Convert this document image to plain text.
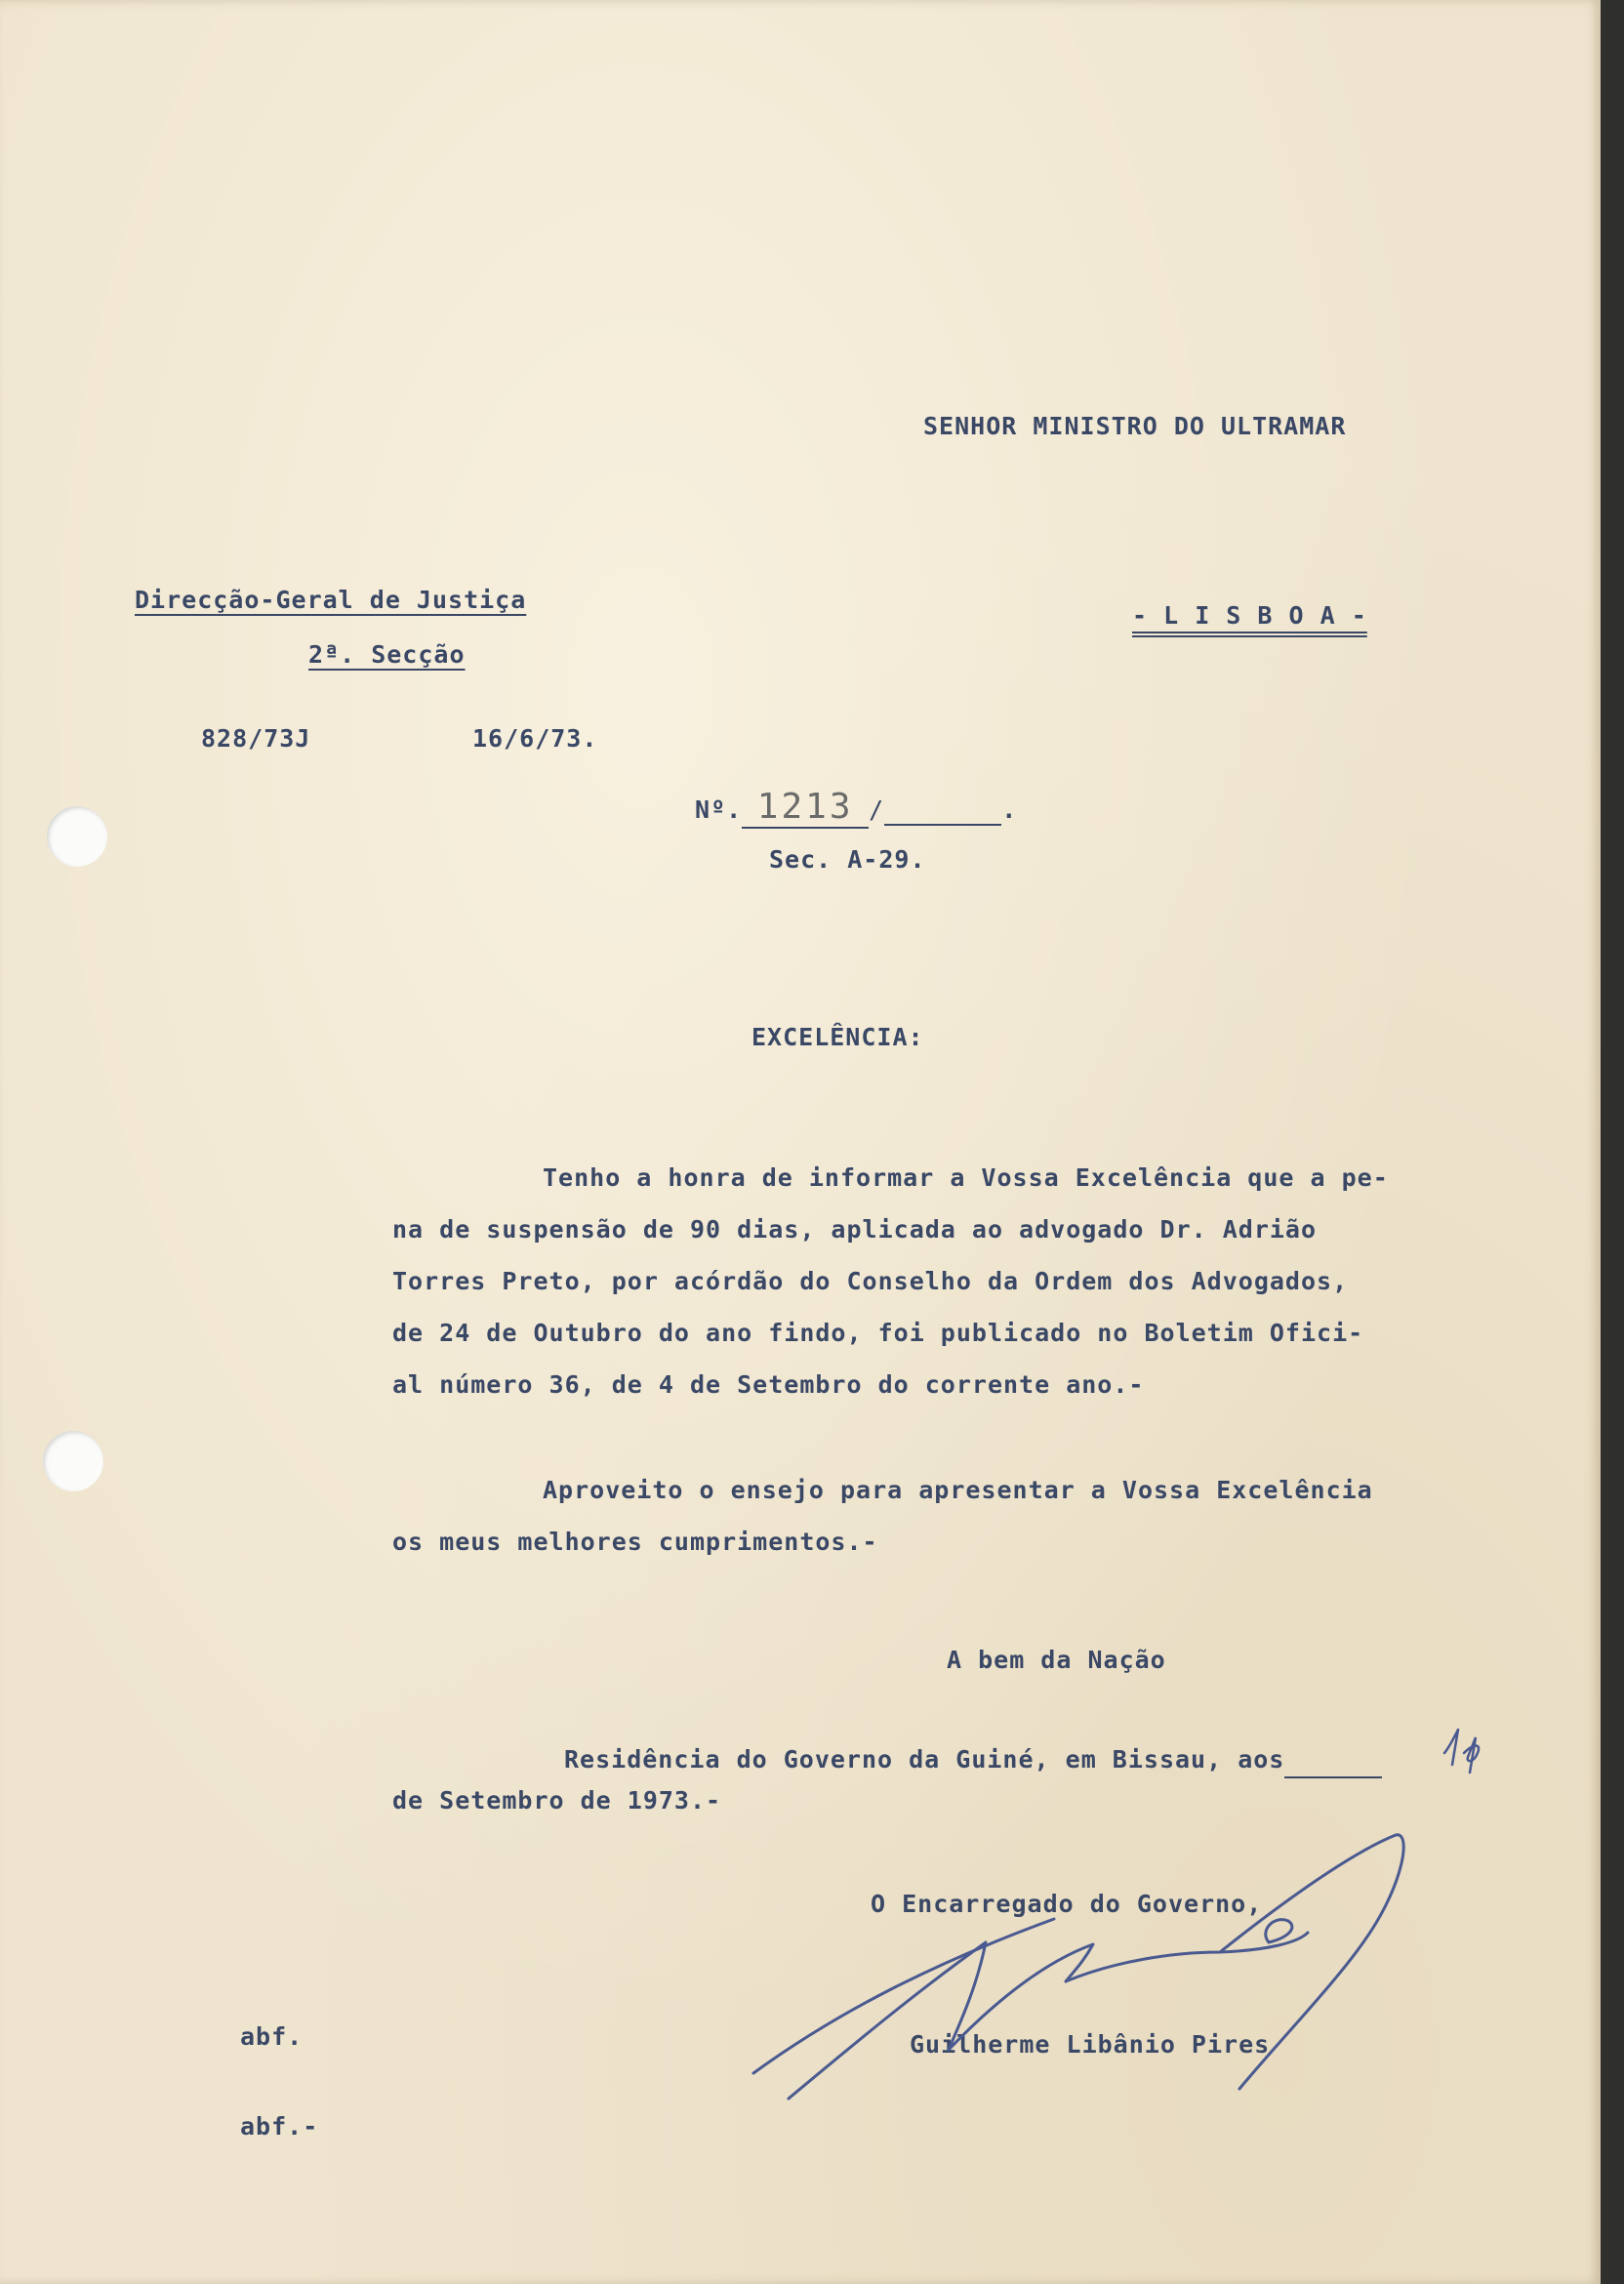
SENHOR MINISTRO DO ULTRAMAR
Direcção-Geral de Justiça
2ª. Secção
- L I S B O A -
828/73J	16/6/73.
Nº. 1213 /	.
Sec. A-29.
EXCELÊNCIA:
Tenho a honra de informar a Vossa Excelência que a pe-
na de suspensão de 90 dias, aplicada ao advogado Dr. Adrião
Torres Preto, por acórdão do Conselho da Ordem dos Advogados,
de 24 de Outubro do ano findo, foi publicado no Boletim Ofici-
al número 36, de 4 de Setembro do corrente ano.-
Aproveito o ensejo para apresentar a Vossa Excelência
os meus melhores cumprimentos.-
A bem da Nação
Residência do Governo da Guiné, em Bissau, aos
de Setembro de 1973.-
O Encarregado do Governo,
Guilherme Libânio Pires
abf.
abf.-
